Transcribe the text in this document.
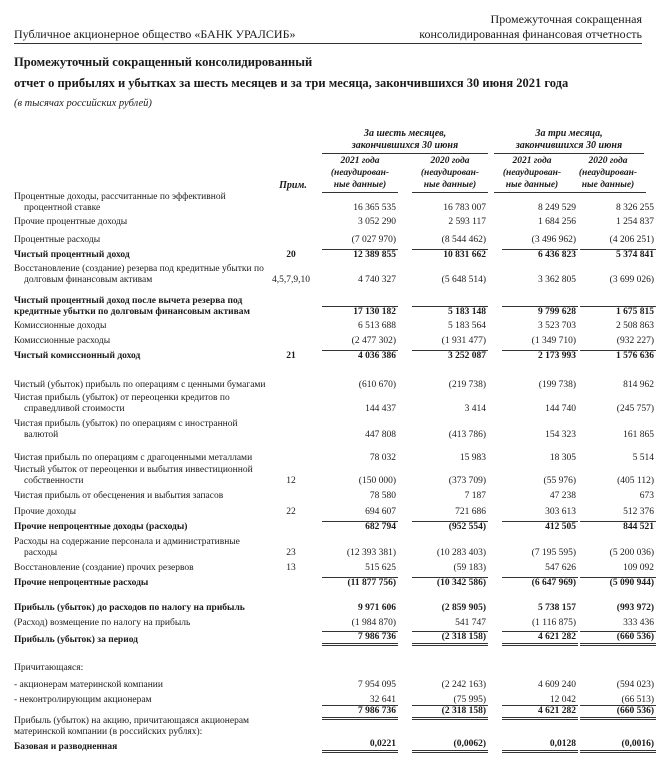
Промежуточная сокращенная
консолидированная финансовая отчетность
Публичное акционерное общество «БАНК УРАЛСИБ»
Промежуточный сокращенный консолидированный
отчет о прибылях и убытках за шесть месяцев и за три месяца, закончившихся 30 июня 2021 года
(в тысячах российских рублей)
За шесть месяцев,
закончившихся 30 июня
За три месяца,
закончившихся 30 июня
Прим.
2021 года
(неаудирован-
ные данные)
2020 года
(неаудирован-
ные данные)
2021 года
(неаудирован-
ные данные)
2020 года
(неаудирован-
ные данные)
Процентные доходы, рассчитанные по эффективной процентной ставке	16 365 535	16 783 007	8 249 529	8 326 255
Прочие процентные доходы	3 052 290	2 593 117	1 684 256	1 254 837
Процентные расходы	(7 027 970)	(8 544 462)	(3 496 962)	(4 206 251)
Чистый процентный доход	20	12 389 855	10 831 662	6 436 823	5 374 841
Восстановление (создание) резерва под кредитные убытки по долговым финансовым активам	4,5,7,9,10	4 740 327	(5 648 514)	3 362 805	(3 699 026)
Чистый процентный доход после вычета резерва под кредитные убытки по долговым финансовым активам	17 130 182	5 183 148	9 799 628	1 675 815
Комиссионные доходы	6 513 688	5 183 564	3 523 703	2 508 863
Комиссионные расходы	(2 477 302)	(1 931 477)	(1 349 710)	(932 227)
Чистый комиссионный доход	21	4 036 386	3 252 087	2 173 993	1 576 636
Чистый (убыток) прибыль по операциям с ценными бумагами	(610 670)	(219 738)	(199 738)	814 962
Чистая прибыль (убыток) от переоценки кредитов по справедливой стоимости	144 437	3 414	144 740	(245 757)
Чистая прибыль (убыток) по операциям с иностранной валютой	447 808	(413 786)	154 323	161 865
Чистая прибыль по операциям с драгоценными металлами	78 032	15 983	18 305	5 514
Чистый убыток от переоценки и выбытия инвестиционной собственности	12	(150 000)	(373 709)	(55 976)	(405 112)
Чистая прибыль от обесценения и выбытия запасов	78 580	7 187	47 238	673
Прочие доходы	22	694 607	721 686	303 613	512 376
Прочие непроцентные доходы (расходы)	682 794	(952 554)	412 505	844 521
Расходы на содержание персонала и административные расходы	23	(12 393 381)	(10 283 403)	(7 195 595)	(5 200 036)
Восстановление (создание) прочих резервов	13	515 625	(59 183)	547 626	109 092
Прочие непроцентные расходы	(11 877 756)	(10 342 586)	(6 647 969)	(5 090 944)
Прибыль (убыток) до расходов по налогу на прибыль	9 971 606	(2 859 905)	5 738 157	(993 972)
(Расход) возмещение по налогу на прибыль	(1 984 870)	541 747	(1 116 875)	333 436
Прибыль (убыток) за период	7 986 736	(2 318 158)	4 621 282	(660 536)
Причитающаяся:
- акционерам материнской компании	7 954 095	(2 242 163)	4 609 240	(594 023)
- неконтролирующим акционерам	32 641	(75 995)	12 042	(66 513)
7 986 736	(2 318 158)	4 621 282	(660 536)
Прибыль (убыток) на акцию, причитающаяся акционерам материнской компании (в российских рублях):
Базовая и разводненная	0,0221	(0,0062)	0,0128	(0,0016)
